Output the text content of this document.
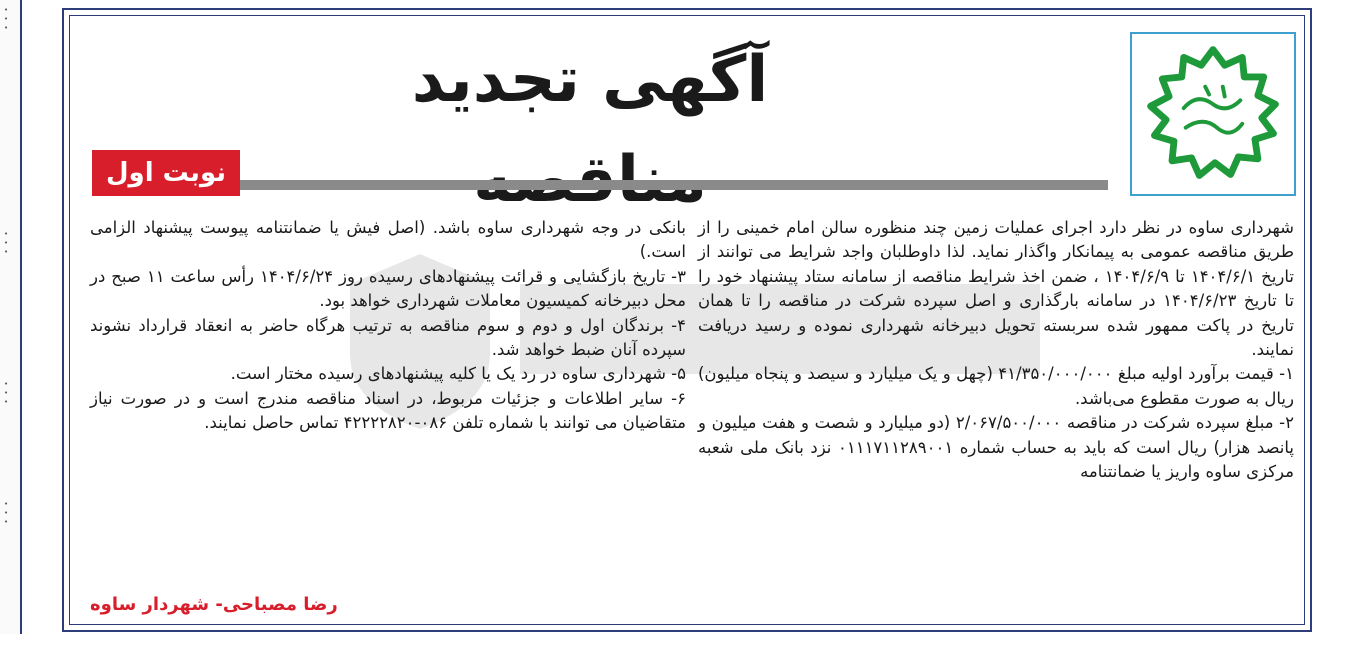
•
•
•
•
•
•
•
•
•
•
•
•
آگهی تجدید
نوبت اول

شهرداری ساوه در نظر دارد اجرای عملیات زمین چند منظوره سالن امام خمینی را از طریق مناقصه عمومی به پیمانکار واگذار نماید. لذا داوطلبان واجد شرایط می توانند از تاریخ ۱۴۰۴/۶/۱ تا ۱۴۰۴/۶/۹ ، ضمن اخذ شرایط مناقصه از سامانه ستاد پیشنهاد خود را تا تاریخ ۱۴۰۴/۶/۲۳ در سامانه بارگذاری و اصل سپرده شرکت در مناقصه را تا همان تاریخ در پاکت ممهور شده سربسته تحویل دبیرخانه شهرداری نموده و رسید دریافت نمایند.

۱- قیمت برآورد اولیه مبلغ ۴۱/۳۵۰/۰۰۰/۰۰۰ (چهل و یک میلیارد و سیصد و پنجاه میلیون) ریال به صورت مقطوع می‌باشد.

۲- مبلغ سپرده شرکت در مناقصه ۲/۰۶۷/۵۰۰/۰۰۰ (دو میلیارد و شصت و هفت میلیون و پانصد هزار) ریال است که باید به حساب شماره ۰۱۱۱۷۱۱۲۸۹۰۰۱ نزد بانک ملی شعبه مرکزی ساوه واریز یا ضمانتنامه

بانکی در وجه شهرداری ساوه باشد. (اصل فیش یا ضمانتنامه پیوست پیشنهاد الزامی است.)

۳- تاریخ بازگشایی و قرائت پیشنهادهای رسیده روز ۱۴۰۴/۶/۲۴ رأس ساعت ۱۱ صبح در محل دبیرخانه کمیسیون معاملات شهرداری خواهد بود.

۴- برندگان اول و دوم و سوم مناقصه به ترتیب هرگاه حاضر به انعقاد قرارداد نشوند سپرده آنان ضبط خواهد شد.

۵- شهرداری ساوه در رد یک یا کلیه پیشنهادهای رسیده مختار است.

۶- سایر اطلاعات و جزئیات مربوط، در اسناد مناقصه مندرج است و در صورت نیاز متقاضیان می توانند با شماره تلفن ۰۸۶-۴۲۲۲۲۸۲۰ تماس حاصل نمایند.

رضا مصباحی- شهردار ساوه
